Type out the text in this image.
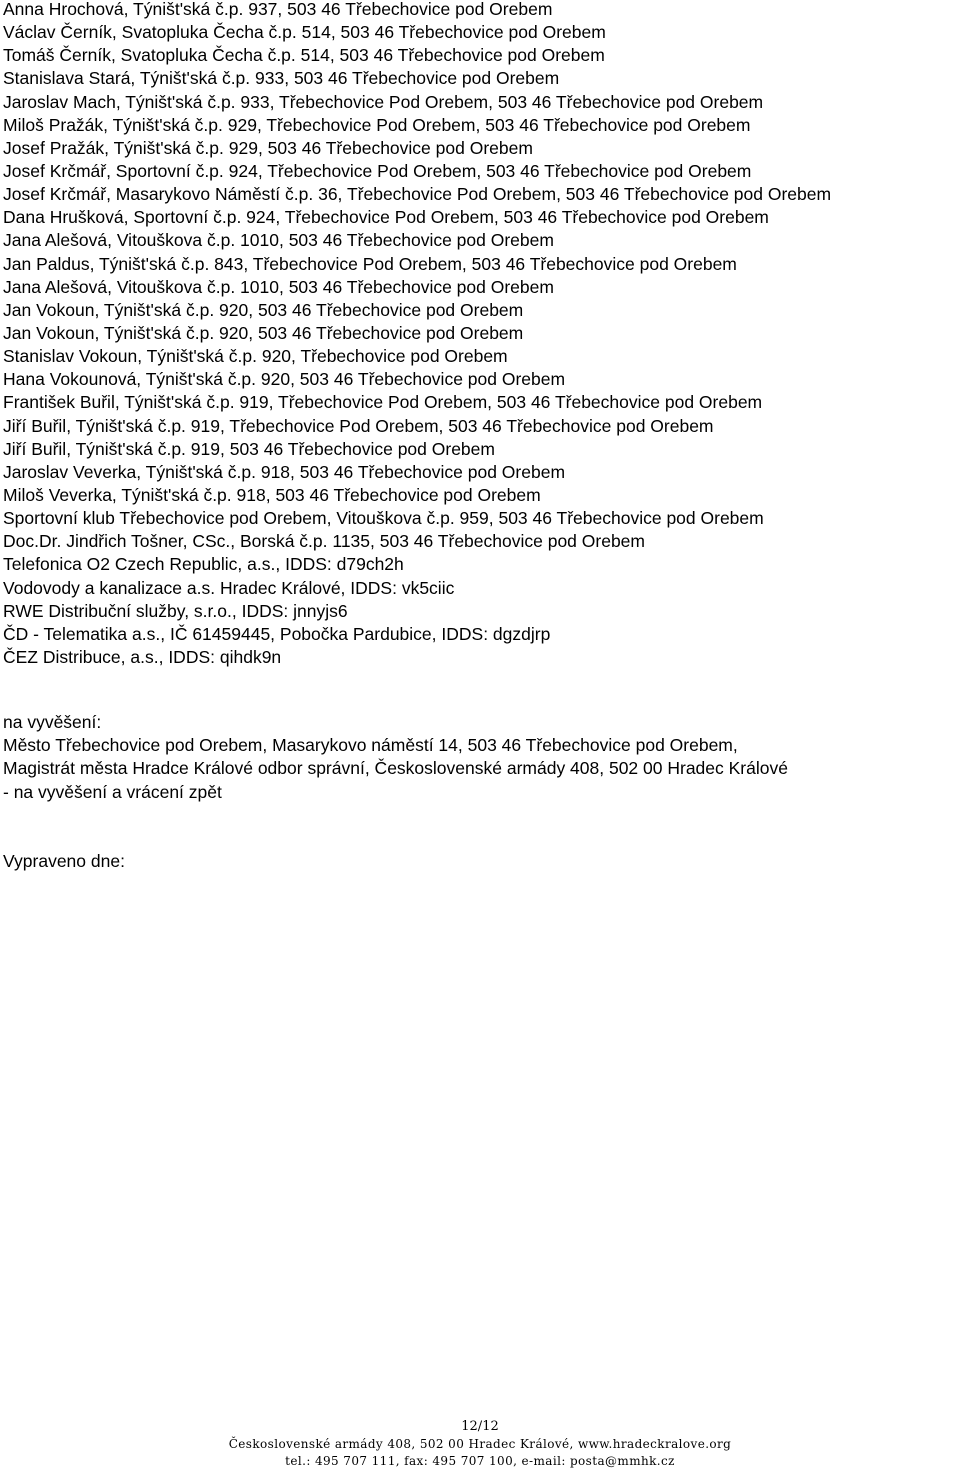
Anna Hrochová, Týništ'ská č.p. 937, 503 46 Třebechovice pod Orebem
Václav Černík, Svatopluka Čecha č.p. 514, 503 46 Třebechovice pod Orebem
Tomáš Černík, Svatopluka Čecha č.p. 514, 503 46 Třebechovice pod Orebem
Stanislava Stará, Týništ'ská č.p. 933, 503 46 Třebechovice pod Orebem
Jaroslav Mach, Týništ'ská č.p. 933, Třebechovice Pod Orebem, 503 46 Třebechovice pod Orebem
Miloš Pražák, Týništ'ská č.p. 929, Třebechovice Pod Orebem, 503 46 Třebechovice pod Orebem
Josef Pražák, Týništ'ská č.p. 929, 503 46 Třebechovice pod Orebem
Josef Krčmář, Sportovní č.p. 924, Třebechovice Pod Orebem, 503 46 Třebechovice pod Orebem
Josef Krčmář, Masarykovo Náměstí č.p. 36, Třebechovice Pod Orebem, 503 46 Třebechovice pod Orebem
Dana Hrušková, Sportovní č.p. 924, Třebechovice Pod Orebem, 503 46 Třebechovice pod Orebem
Jana Alešová, Vitouškova č.p. 1010, 503 46 Třebechovice pod Orebem
Jan Paldus, Týništ'ská č.p. 843, Třebechovice Pod Orebem, 503 46 Třebechovice pod Orebem
Jana Alešová, Vitouškova č.p. 1010, 503 46 Třebechovice pod Orebem
Jan Vokoun, Týništ'ská č.p. 920, 503 46 Třebechovice pod Orebem
Jan Vokoun, Týništ'ská č.p. 920, 503 46 Třebechovice pod Orebem
Stanislav Vokoun, Týništ'ská č.p. 920, Třebechovice pod Orebem
Hana Vokounová, Týništ'ská č.p. 920, 503 46 Třebechovice pod Orebem
František Buřil, Týništ'ská č.p. 919, Třebechovice Pod Orebem, 503 46 Třebechovice pod Orebem
Jiří Buřil, Týništ'ská č.p. 919, Třebechovice Pod Orebem, 503 46 Třebechovice pod Orebem
Jiří Buřil, Týništ'ská č.p. 919, 503 46 Třebechovice pod Orebem
Jaroslav Veverka, Týništ'ská č.p. 918, 503 46 Třebechovice pod Orebem
Miloš Veverka, Týništ'ská č.p. 918, 503 46 Třebechovice pod Orebem
Sportovní klub Třebechovice pod Orebem, Vitouškova č.p. 959, 503 46 Třebechovice pod Orebem
Doc.Dr. Jindřich Tošner, CSc., Borská č.p. 1135, 503 46 Třebechovice pod Orebem
Telefonica O2 Czech Republic, a.s., IDDS: d79ch2h
Vodovody a kanalizace a.s. Hradec Králové, IDDS: vk5ciic
RWE Distribuční služby, s.r.o., IDDS: jnnyjs6
ČD - Telematika a.s., IČ 61459445, Pobočka Pardubice, IDDS: dgzdjrp
ČEZ Distribuce, a.s., IDDS: qihdk9n
na vyvěšení:
Město Třebechovice pod Orebem, Masarykovo náměstí 14, 503 46 Třebechovice pod Orebem,
Magistrát města Hradce Králové odbor správní, Československé armády 408, 502 00 Hradec Králové
- na vyvěšení a vrácení zpět
Vypraveno dne:
12/12
Československé armády 408, 502 00 Hradec Králové, www.hradeckralove.org
tel.: 495 707 111, fax: 495 707 100, e-mail: posta@mmhk.cz
